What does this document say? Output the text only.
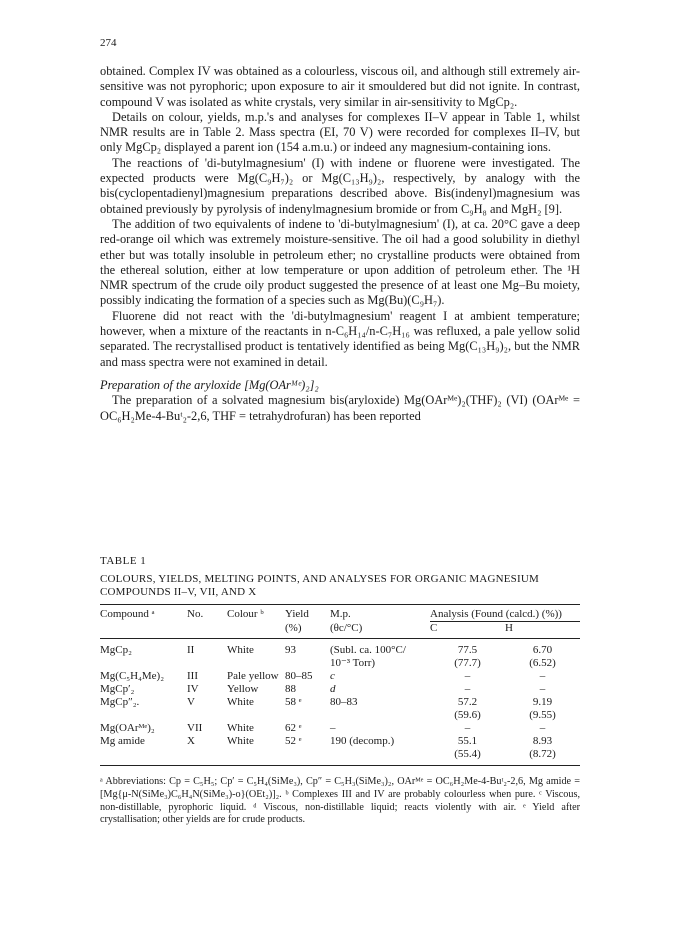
274

obtained. Complex IV was obtained as a colourless, viscous oil, and although still extremely air-sensitive was not pyrophoric; upon exposure to air it smouldered but did not ignite. In contrast, compound V was isolated as white crystals, very similar in air-sensitivity to MgCp₂.

Details on colour, yields, m.p.'s and analyses for complexes II–V appear in Table 1, whilst NMR results are in Table 2. Mass spectra (EI, 70 V) were recorded for complexes II–IV, but only MgCp₂ displayed a parent ion (154 a.m.u.) or indeed any magnesium-containing ions.

The reactions of 'di-butylmagnesium' (I) with indene or fluorene were investigated. The expected products were Mg(C₉H₇)₂ or Mg(C₁₃H₉)₂, respectively, by analogy with the bis(cyclopentadienyl)magnesium preparations described above. Bis(indenyl)magnesium was obtained previously by pyrolysis of indenylmagnesium bromide or from C₉H₈ and MgH₂ [9].

The addition of two equivalents of indene to 'di-butylmagnesium' (I), at ca. 20°C gave a deep red-orange oil which was extremely moisture-sensitive. The oil had a good solubility in diethyl ether but was totally insoluble in petroleum ether; no crystalline products were obtained from the ethereal solution, either at low temperature or upon addition of petroleum ether. The ¹H NMR spectrum of the crude oily product suggested the presence of at least one Mg–Bu moiety, possibly indicating the formation of a species such as Mg(Bu)(C₉H₇).

Fluorene did not react with the 'di-butylmagnesium' reagent I at ambient temperature; however, when a mixture of the reactants in n-C₆H₁₄/n-C₇H₁₆ was refluxed, a pale yellow solid separated. The recrystallised product is tentatively identified as being Mg(C₁₃H₉)₂, but the NMR and mass spectra were not examined in detail.

Preparation of the aryloxide [Mg(OArᴹᵉ)₂]₂

The preparation of a solvated magnesium bis(aryloxide) Mg(OArᴹᵉ)₂(THF)₂ (VI) (OArᴹᵉ = OC₆H₂Me-4-Buᵗ₂-2,6, THF = tetrahydrofuran) has been reported

TABLE 1
COLOURS, YIELDS, MELTING POINTS, AND ANALYSES FOR ORGANIC MAGNESIUM COMPOUNDS II–V, VII, AND X
Compound ᵃ	No.	Colour ᵇ	Yield	M.p.	Analysis (Found (calcd.) (%))	
			(%)	(θc/°C)	C	H
MgCp₂	II	White	93	(Subl. ca. 100°C/	77.5	6.70
				10⁻³ Torr)	(77.7)	(6.52)
Mg(C₅H₄Me)₂	III	Pale yellow	80–85	c	–	–
MgCp′₂	IV	Yellow	88	d	–	–
MgCp″₂.	V	White	58 ᵉ	80–83	57.2	9.19
					(59.6)	(9.55)
Mg(OArᴹᵉ)₂	VII	White	62 ᵉ	–	–	–
Mg amide	X	White	52 ᵉ	190 (decomp.)	55.1	8.93
					(55.4)	(8.72)
ᵃ Abbreviations: Cp = C₅H₅; Cp′ = C₅H₄(SiMe₃), Cp″ = C₅H₃(SiMe₃)₂, OArᴹᵉ = OC₆H₂Me-4-Buᵗ₂-2,6, Mg amide = [Mg{μ-N(SiMe₃)C₆H₄N(SiMe₃)-o}(OEt₂)]₂. ᵇ Complexes III and IV are probably colourless when pure. ᶜ Viscous, non-distillable, pyrophoric liquid. ᵈ Viscous, non-distillable liquid; reacts violently with air. ᵉ Yield after crystallisation; other yields are for crude products.
